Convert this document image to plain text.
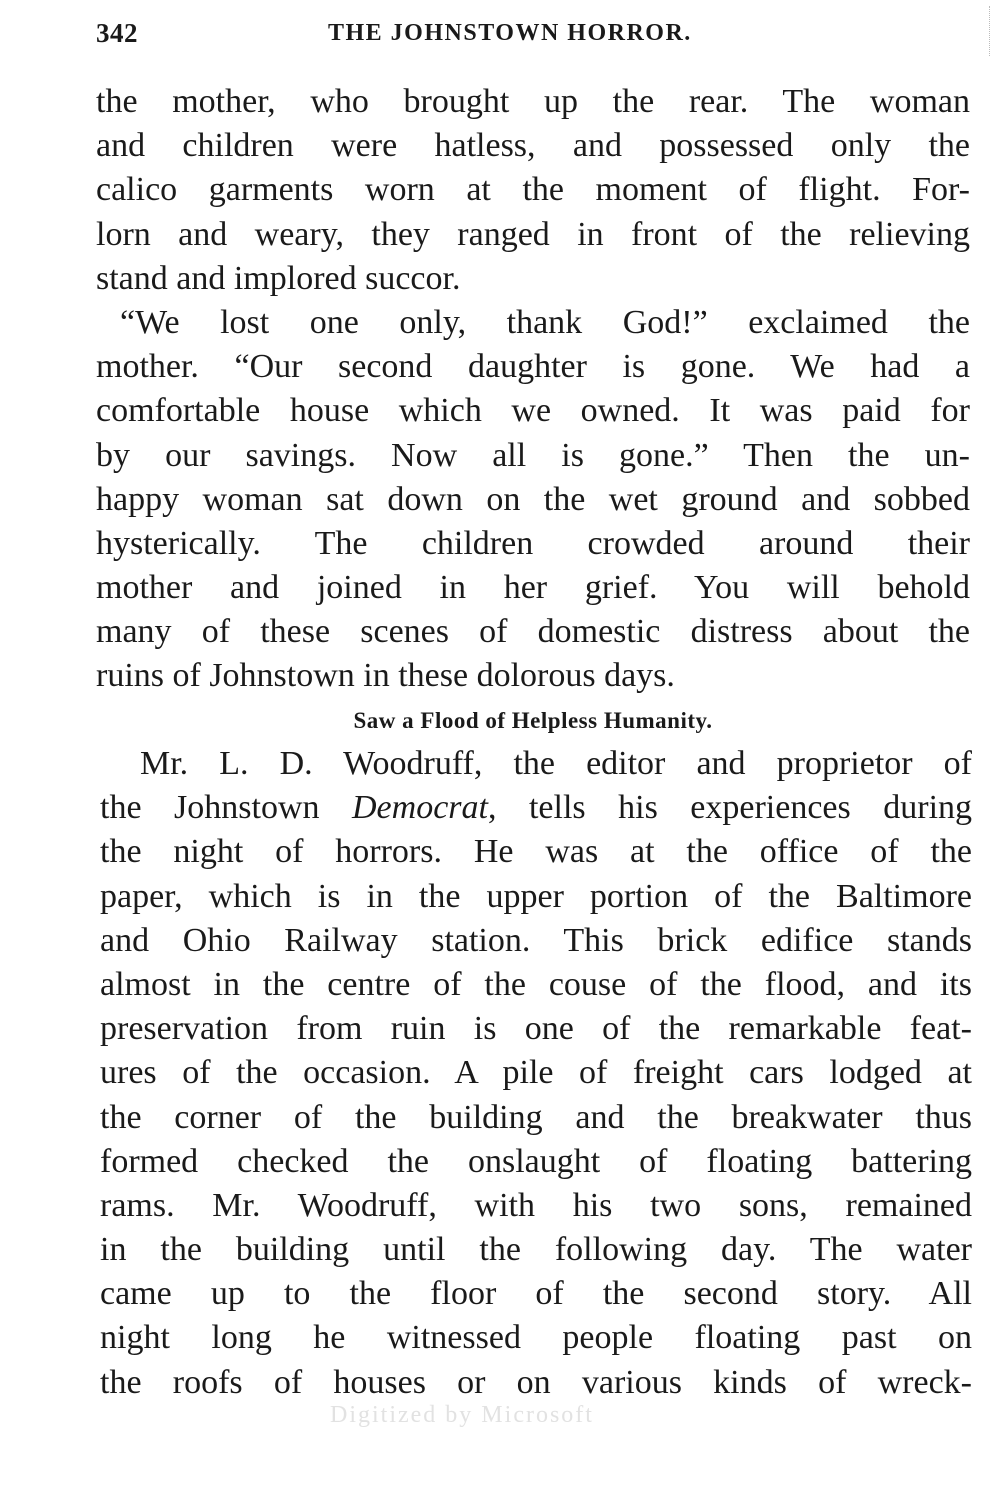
342	THE JOHNSTOWN HORROR.
the mother, who brought up the rear. The woman
and children were hatless, and possessed only the
calico garments worn at the moment of flight. For-
lorn and weary, they ranged in front of the relieving
stand and implored succor.
“We lost one only, thank God!” exclaimed the
mother. “Our second daughter is gone. We had a
comfortable house which we owned. It was paid for
by our savings. Now all is gone.” Then the un-
happy woman sat down on the wet ground and sobbed
hysterically. The children crowded around their
mother and joined in her grief. You will behold
many of these scenes of domestic distress about the
ruins of Johnstown in these dolorous days.
Saw a Flood of Helpless Humanity.
Mr. L. D. Woodruff, the editor and proprietor of
the Johnstown Democrat, tells his experiences during
the night of horrors. He was at the office of the
paper, which is in the upper portion of the Baltimore
and Ohio Railway station. This brick edifice stands
almost in the centre of the couse of the flood, and its
preservation from ruin is one of the remarkable feat-
ures of the occasion. A pile of freight cars lodged at
the corner of the building and the breakwater thus
formed checked the onslaught of floating battering
rams. Mr. Woodruff, with his two sons, remained
in the building until the following day. The water
came up to the floor of the second story. All
night long he witnessed people floating past on
the roofs of houses or on various kinds of wreck-
Digitized by Microsoft
